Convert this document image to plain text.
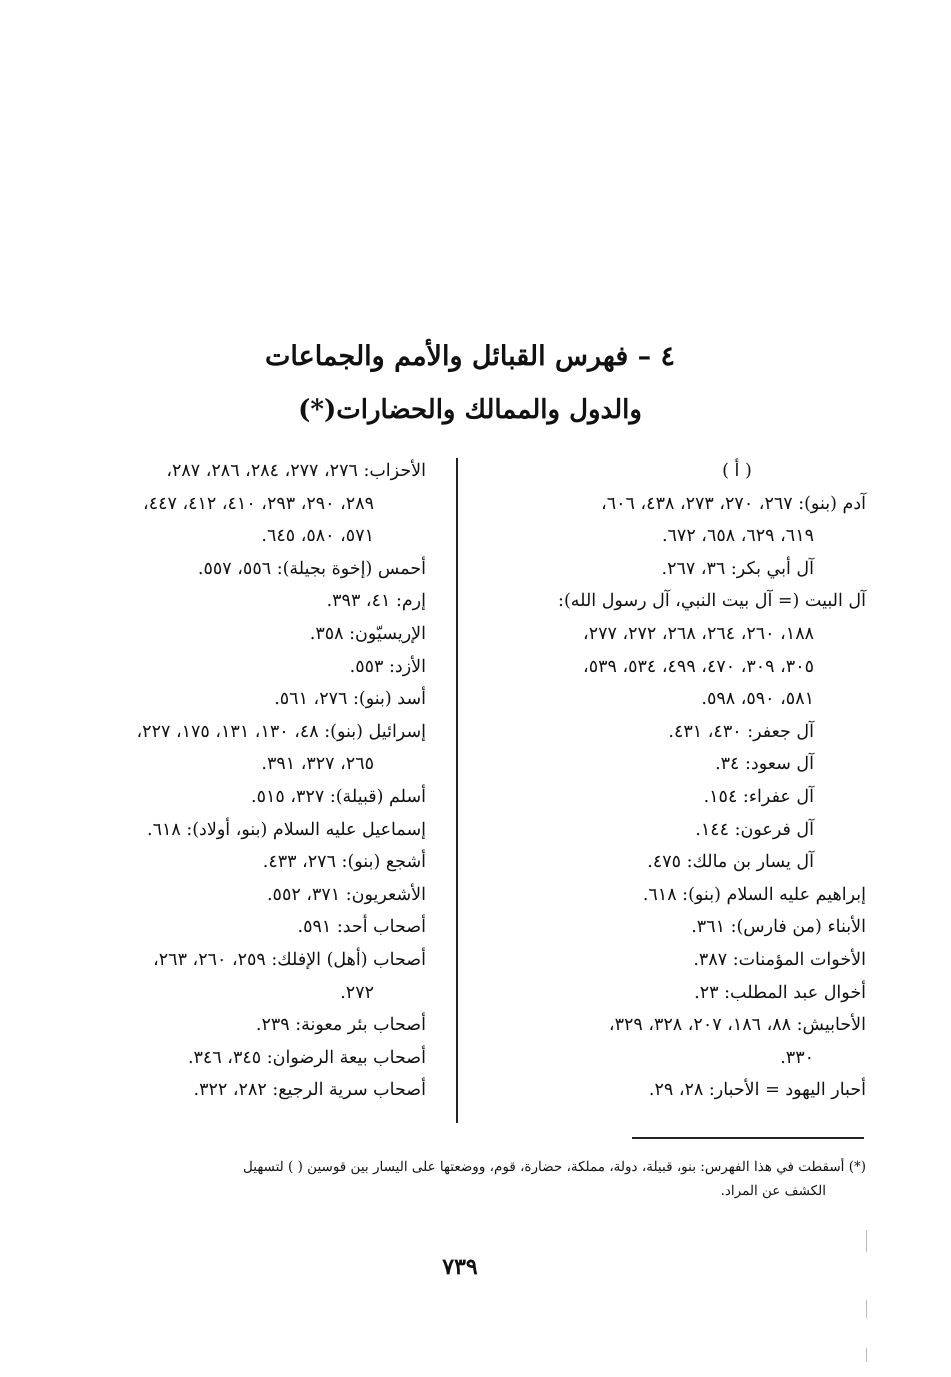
٤ – فهرس القبائل والأمم والجماعات
والدول والممالك والحضارات(*)
( أ )
آدم (بنو): ٢٦٧، ٢٧٠، ٢٧٣، ٤٣٨، ٦٠٦،
٦١٩، ٦٢٩، ٦٥٨، ٦٧٢.
آل أبي بكر: ٣٦، ٢٦٧.
آل البيت (= آل بيت النبي، آل رسول الله):
١٨٨، ٢٦٠، ٢٦٤، ٢٦٨، ٢٧٢، ٢٧٧،
٣٠٥، ٣٠٩، ٤٧٠، ٤٩٩، ٥٣٤، ٥٣٩،
٥٨١، ٥٩٠، ٥٩٨.
آل جعفر: ٤٣٠، ٤٣١.
آل سعود: ٣٤.
آل عفراء: ١٥٤.
آل فرعون: ١٤٤.
آل يسار بن مالك: ٤٧٥.
إبراهيم عليه السلام (بنو): ٦١٨.
الأبناء (من فارس): ٣٦١.
الأخوات المؤمنات: ٣٨٧.
أخوال عبد المطلب: ٢٣.
الأحابيش: ٨٨، ١٨٦، ٢٠٧، ٣٢٨، ٣٢٩،
٣٣٠.
أحبار اليهود = الأحبار: ٢٨، ٢٩.
الأحزاب: ٢٧٦، ٢٧٧، ٢٨٤، ٢٨٦، ٢٨٧،
٢٨٩، ٢٩٠، ٢٩٣، ٤١٠، ٤١٢، ٤٤٧،
٥٧١، ٥٨٠، ٦٤٥.
أحمس (إخوة بجيلة): ٥٥٦، ٥٥٧.
إرم: ٤١، ٣٩٣.
الإريسيّون: ٣٥٨.
الأزد: ٥٥٣.
أسد (بنو): ٢٧٦، ٥٦١.
إسرائيل (بنو): ٤٨، ١٣٠، ١٣١، ١٧٥، ٢٢٧،
٢٦٥، ٣٢٧، ٣٩١.
أسلم (قبيلة): ٣٢٧، ٥١٥.
إسماعيل عليه السلام (بنو، أولاد): ٦١٨.
أشجع (بنو): ٢٧٦، ٤٣٣.
الأشعريون: ٣٧١، ٥٥٢.
أصحاب أحد: ٥٩١.
أصحاب (أهل) الإفلك: ٢٥٩، ٢٦٠، ٢٦٣،
٢٧٢.
أصحاب بئر معونة: ٢٣٩.
أصحاب بيعة الرضوان: ٣٤٥، ٣٤٦.
أصحاب سرية الرجيع: ٢٨٢، ٣٢٢.
(*) أسقطت في هذا الفهرس: بنو، قبيلة، دولة، مملكة، حضارة، قوم، ووضعتها على اليسار بين قوسين ( ) لتسهيل
الكشف عن المراد.
٧٣٩
